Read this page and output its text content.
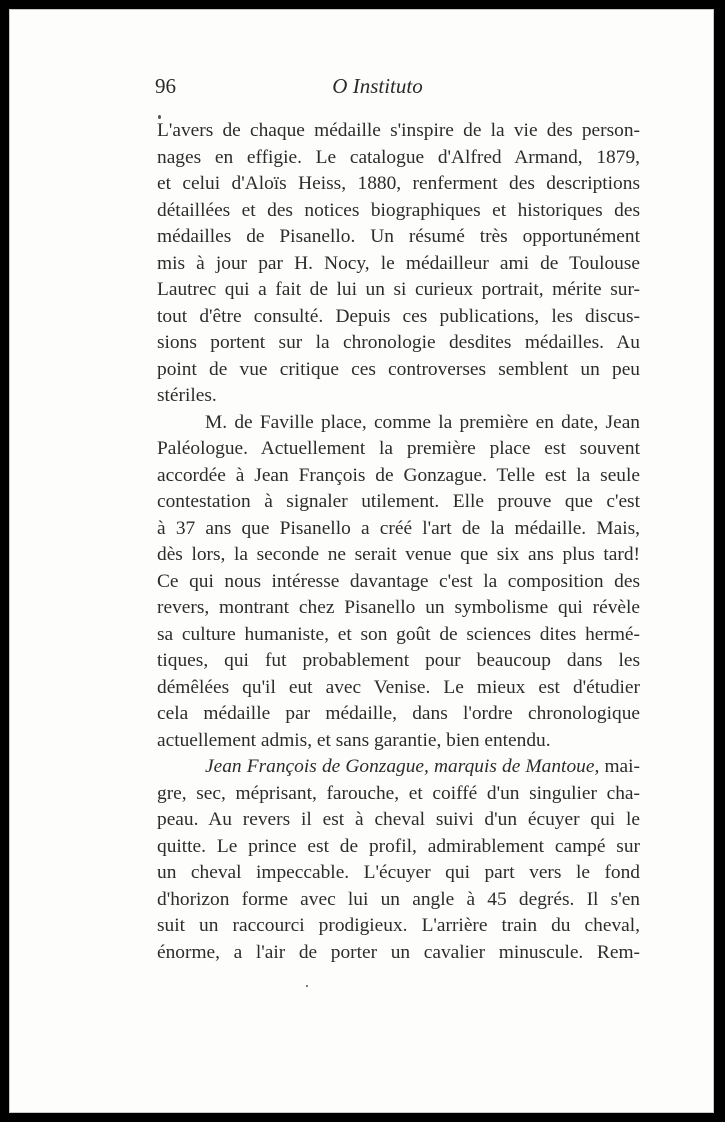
96	O Instituto
L'avers de chaque médaille s'inspire de la vie des person-
nages en effigie. Le catalogue d'Alfred Armand, 1879,
et celui d'Aloïs Heiss, 1880, renferment des descriptions
détaillées et des notices biographiques et historiques des
médailles de Pisanello. Un résumé très opportunément
mis à jour par H. Nocy, le médailleur ami de Toulouse
Lautrec qui a fait de lui un si curieux portrait, mérite sur-
tout d'être consulté. Depuis ces publications, les discus-
sions portent sur la chronologie desdites médailles. Au
point de vue critique ces controverses semblent un peu
stériles.
M. de Faville place, comme la première en date, Jean
Paléologue. Actuellement la première place est souvent
accordée à Jean François de Gonzague. Telle est la seule
contestation à signaler utilement. Elle prouve que c'est
à 37 ans que Pisanello a créé l'art de la médaille. Mais,
dès lors, la seconde ne serait venue que six ans plus tard!
Ce qui nous intéresse davantage c'est la composition des
revers, montrant chez Pisanello un symbolisme qui révèle
sa culture humaniste, et son goût de sciences dites hermé-
tiques, qui fut probablement pour beaucoup dans les
démêlées qu'il eut avec Venise. Le mieux est d'étudier
cela médaille par médaille, dans l'ordre chronologique
actuellement admis, et sans garantie, bien entendu.
Jean François de Gonzague, marquis de Mantoue, mai-
gre, sec, méprisant, farouche, et coiffé d'un singulier cha-
peau. Au revers il est à cheval suivi d'un écuyer qui le
quitte. Le prince est de profil, admirablement campé sur
un cheval impeccable. L'écuyer qui part vers le fond
d'horizon forme avec lui un angle à 45 degrés. Il s'en
suit un raccourci prodigieux. L'arrière train du cheval,
énorme, a l'air de porter un cavalier minuscule. Rem-
